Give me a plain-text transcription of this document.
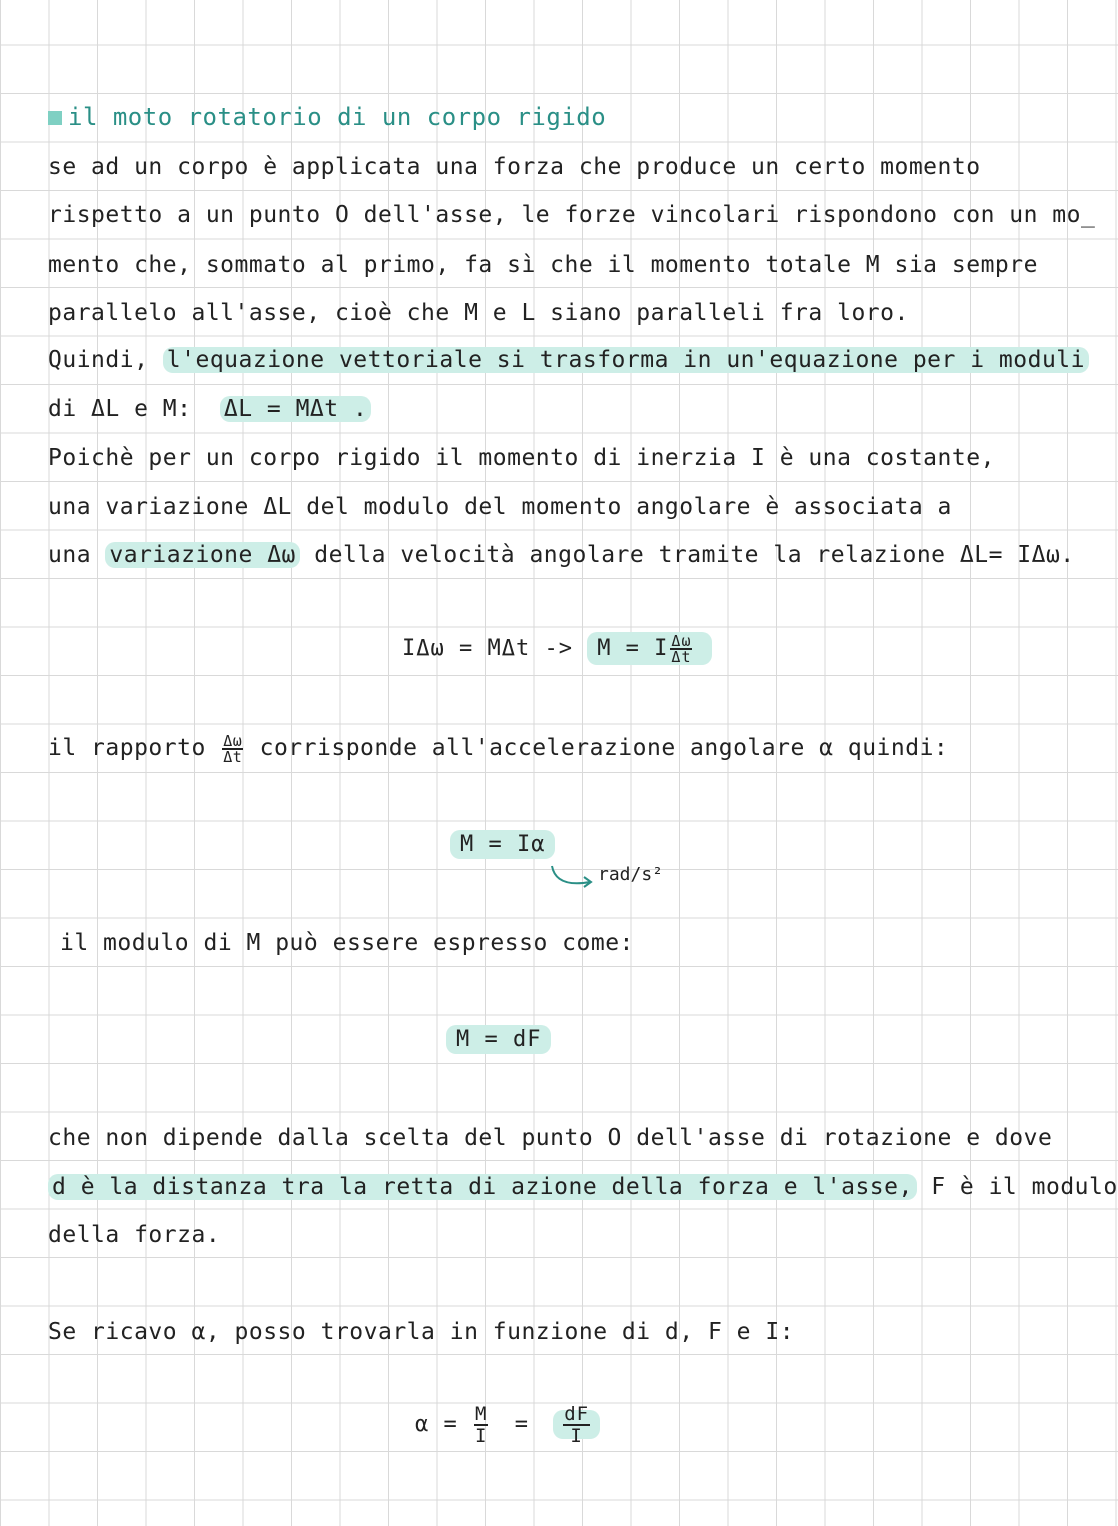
il moto rotatorio di un corpo rigido
se ad un corpo è applicata una forza che produce un certo momento
rispetto a un punto O dell'asse, le forze vincolari rispondono con un mo_
mento che, sommato al primo, fa sì che il momento totale M sia sempre
parallelo all'asse, cioè che M e L siano paralleli fra loro.
Quindi, l'equazione vettoriale si trasforma in un'equazione per i moduli
di ΔL e M: ΔL = MΔt .
Poichè per un corpo rigido il momento di inerzia I è una costante,
una variazione ΔL del modulo del momento angolare è associata a
una variazione Δω della velocità angolare tramite la relazione ΔL= IΔω.
IΔω = MΔt -> M = I $\frac{\Delta\omega}{\Delta t}$
il rapporto $\frac{\Delta\omega}{\Delta t}$ corrisponde all'accelerazione angolare α quindi:
M = Iα
rad/s²
il modulo di M può essere espresso come:
M = dF
che non dipende dalla scelta del punto O dell'asse di rotazione e dove
d è la distanza tra la retta di azione della forza e l'asse, F è il modulo
della forza.
Se ricavo α, posso trovarla in funzione di d, F e I:
$\alpha = \frac{M}{I} = \frac{dF}{I}$
